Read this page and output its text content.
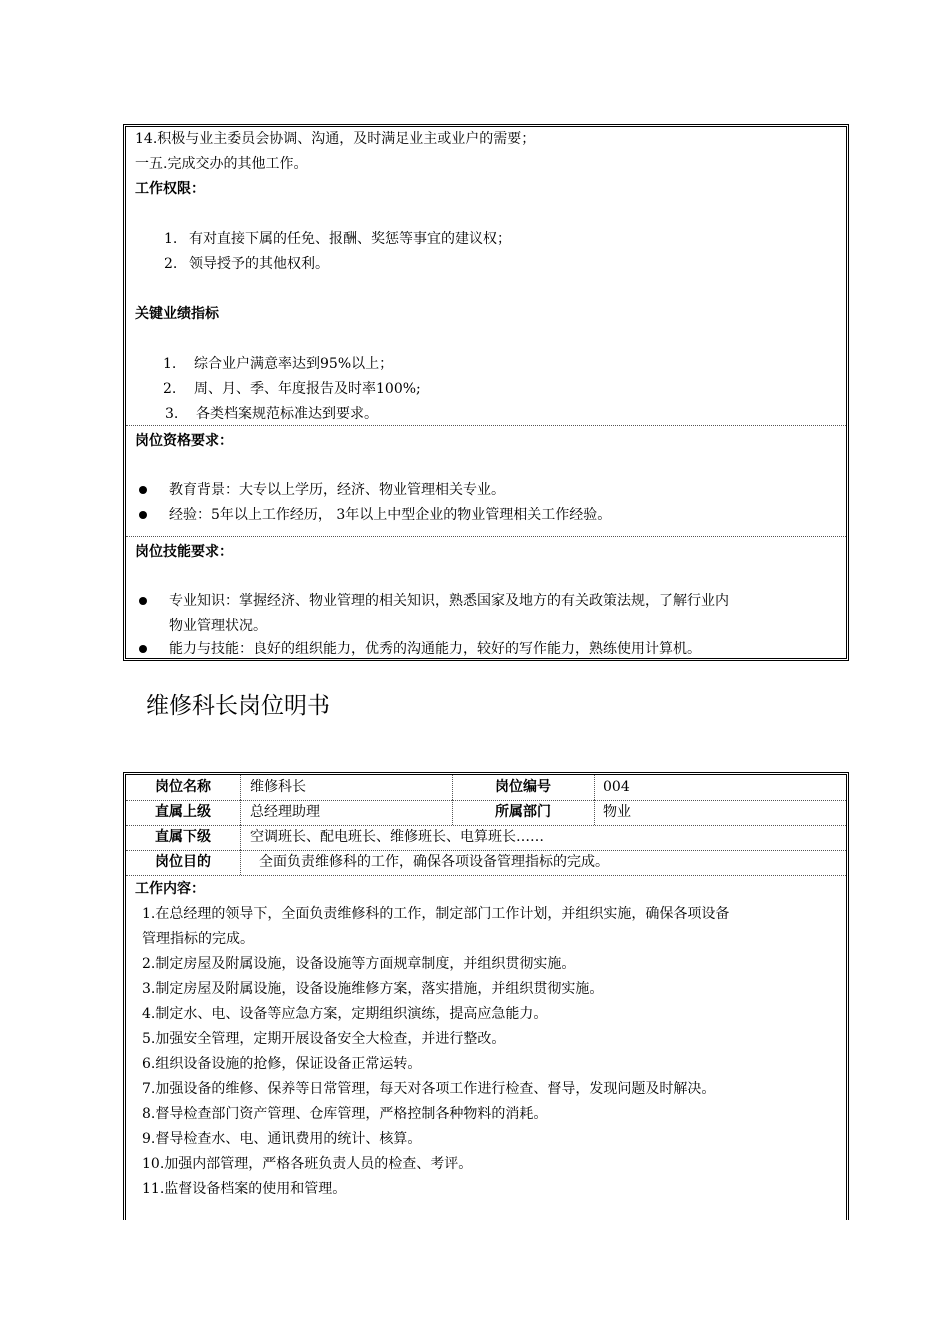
14.积极与业主委员会协调、沟通，及时满足业主或业户的需要；
一五.完成交办的其他工作。
工作权限：
1. 有对直接下属的任免、报酬、奖惩等事宜的建议权；
2. 领导授予的其他权利。
关键业绩指标
1. 综合业户满意率达到95%以上；
2. 周、月、季、年度报告及时率100%;
3. 各类档案规范标准达到要求。
岗位资格要求：
教育背景：大专以上学历，经济、物业管理相关专业。
经验：5年以上工作经历， 3年以上中型企业的物业管理相关工作经验。
岗位技能要求：
专业知识：掌握经济、物业管理的相关知识，熟悉国家及地方的有关政策法规，了解行业内
物业管理状况。
能力与技能：良好的组织能力，优秀的沟通能力，较好的写作能力，熟练使用计算机。
维修科长岗位明书
岗位名称	维修科长	岗位编号	004
直属上级	总经理助理	所属部门	物业
直属下级	空调班长、配电班长、维修班长、电算班长……
岗位目的	全面负责维修科的工作，确保各项设备管理指标的完成。
工作内容：
1.在总经理的领导下，全面负责维修科的工作，制定部门工作计划，并组织实施，确保各项设备
管理指标的完成。
2.制定房屋及附属设施，设备设施等方面规章制度，并组织贯彻实施。
3.制定房屋及附属设施，设备设施维修方案，落实措施，并组织贯彻实施。
4.制定水、电、设备等应急方案，定期组织演练，提高应急能力。
5.加强安全管理，定期开展设备安全大检查，并进行整改。
6.组织设备设施的抢修，保证设备正常运转。
7.加强设备的维修、保养等日常管理，每天对各项工作进行检查、督导，发现问题及时解决。
8.督导检查部门资产管理、仓库管理，严格控制各种物料的消耗。
9.督导检查水、电、通讯费用的统计、核算。
10.加强内部管理，严格各班负责人员的检查、考评。
11.监督设备档案的使用和管理。
